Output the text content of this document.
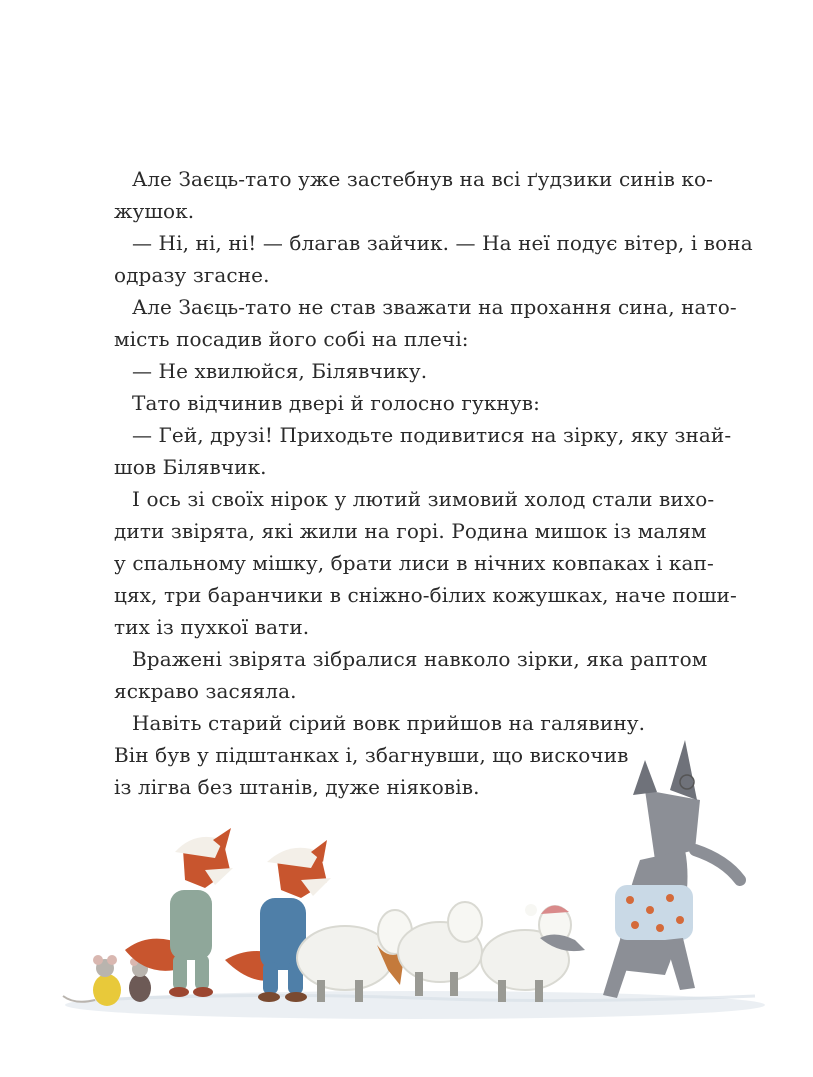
Але Заєць-тато уже застебнув на всі ґудзики синів ко-
жушок.
— Ні, ні, ні! — благав зайчик. — На неї подує вітер, і вона
одразу згасне.
Але Заєць-тато не став зважати на прохання сина, нато-
мість посадив його собі на плечі:
— Не хвилюйся, Білявчику.
Тато відчинив двері й голосно гукнув:
— Гей, друзі! Приходьте подивитися на зірку, яку знай-
шов Білявчик.
І ось зі своїх нірок у лютий зимовий холод стали вихо-
дити звірята, які жили на горі. Родина мишок із малям
у спальному мішку, брати лиси в нічних ковпаках і кап-
цях, три баранчики в сніжно-білих кожушках, наче поши-
тих із пухкої вати.
Вражені звірята зібралися навколо зірки, яка раптом
яскраво засяяла.
Навіть старий сірий вовк прийшов на галявину.
Він був у підштанках і, збагнувши, що вискочив
із лігва без штанів, дуже ніяковів.
